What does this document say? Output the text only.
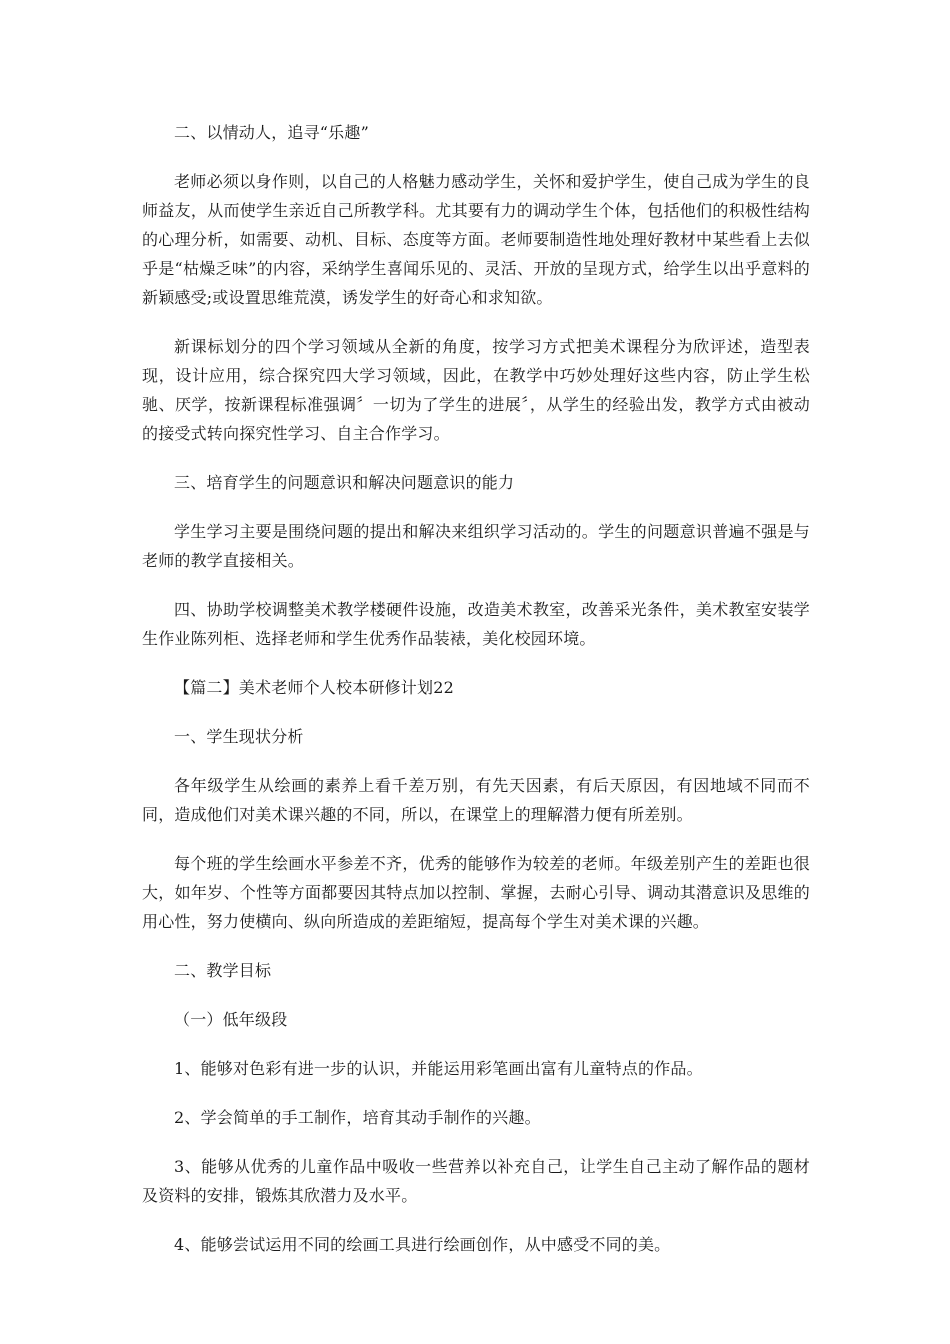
二、以情动人，追寻“乐趣”

老师必须以身作则，以自己的人格魅力感动学生，关怀和爱护学生，使自己成为学生的良师益友，从而使学生亲近自己所教学科。尤其要有力的调动学生个体，包括他们的积极性结构的心理分析，如需要、动机、目标、态度等方面。老师要制造性地处理好教材中某些看上去似乎是“枯燥乏味”的内容，采纳学生喜闻乐见的、灵活、开放的呈现方式，给学生以出乎意料的新颖感受;或设置思维荒漠，诱发学生的好奇心和求知欲。

新课标划分的四个学习领域从全新的角度，按学习方式把美术课程分为欣评述，造型表现，设计应用，综合探究四大学习领域，因此，在教学中巧妙处理好这些内容，防止学生松驰、厌学，按新课程标准强调〞一切为了学生的进展〞，从学生的经验出发，教学方式由被动的接受式转向探究性学习、自主合作学习。

三、培育学生的问题意识和解决问题意识的能力

学生学习主要是围绕问题的提出和解决来组织学习活动的。学生的问题意识普遍不强是与老师的教学直接相关。

四、协助学校调整美术教学楼硬件设施，改造美术教室，改善采光条件，美术教室安装学生作业陈列柜、选择老师和学生优秀作品装裱，美化校园环境。

【篇二】美术老师个人校本研修计划22

一、学生现状分析

各年级学生从绘画的素养上看千差万别，有先天因素，有后天原因，有因地域不同而不同，造成他们对美术课兴趣的不同，所以，在课堂上的理解潜力便有所差别。

每个班的学生绘画水平参差不齐，优秀的能够作为较差的老师。年级差别产生的差距也很大，如年岁、个性等方面都要因其特点加以控制、掌握，去耐心引导、调动其潜意识及思维的用心性，努力使横向、纵向所造成的差距缩短，提高每个学生对美术课的兴趣。

二、教学目标

（一）低年级段

1、能够对色彩有进一步的认识，并能运用彩笔画出富有儿童特点的作品。

2、学会简单的手工制作，培育其动手制作的兴趣。

3、能够从优秀的儿童作品中吸收一些营养以补充自己，让学生自己主动了解作品的题材及资料的安排，锻炼其欣潜力及水平。

4、能够尝试运用不同的绘画工具进行绘画创作，从中感受不同的美。
